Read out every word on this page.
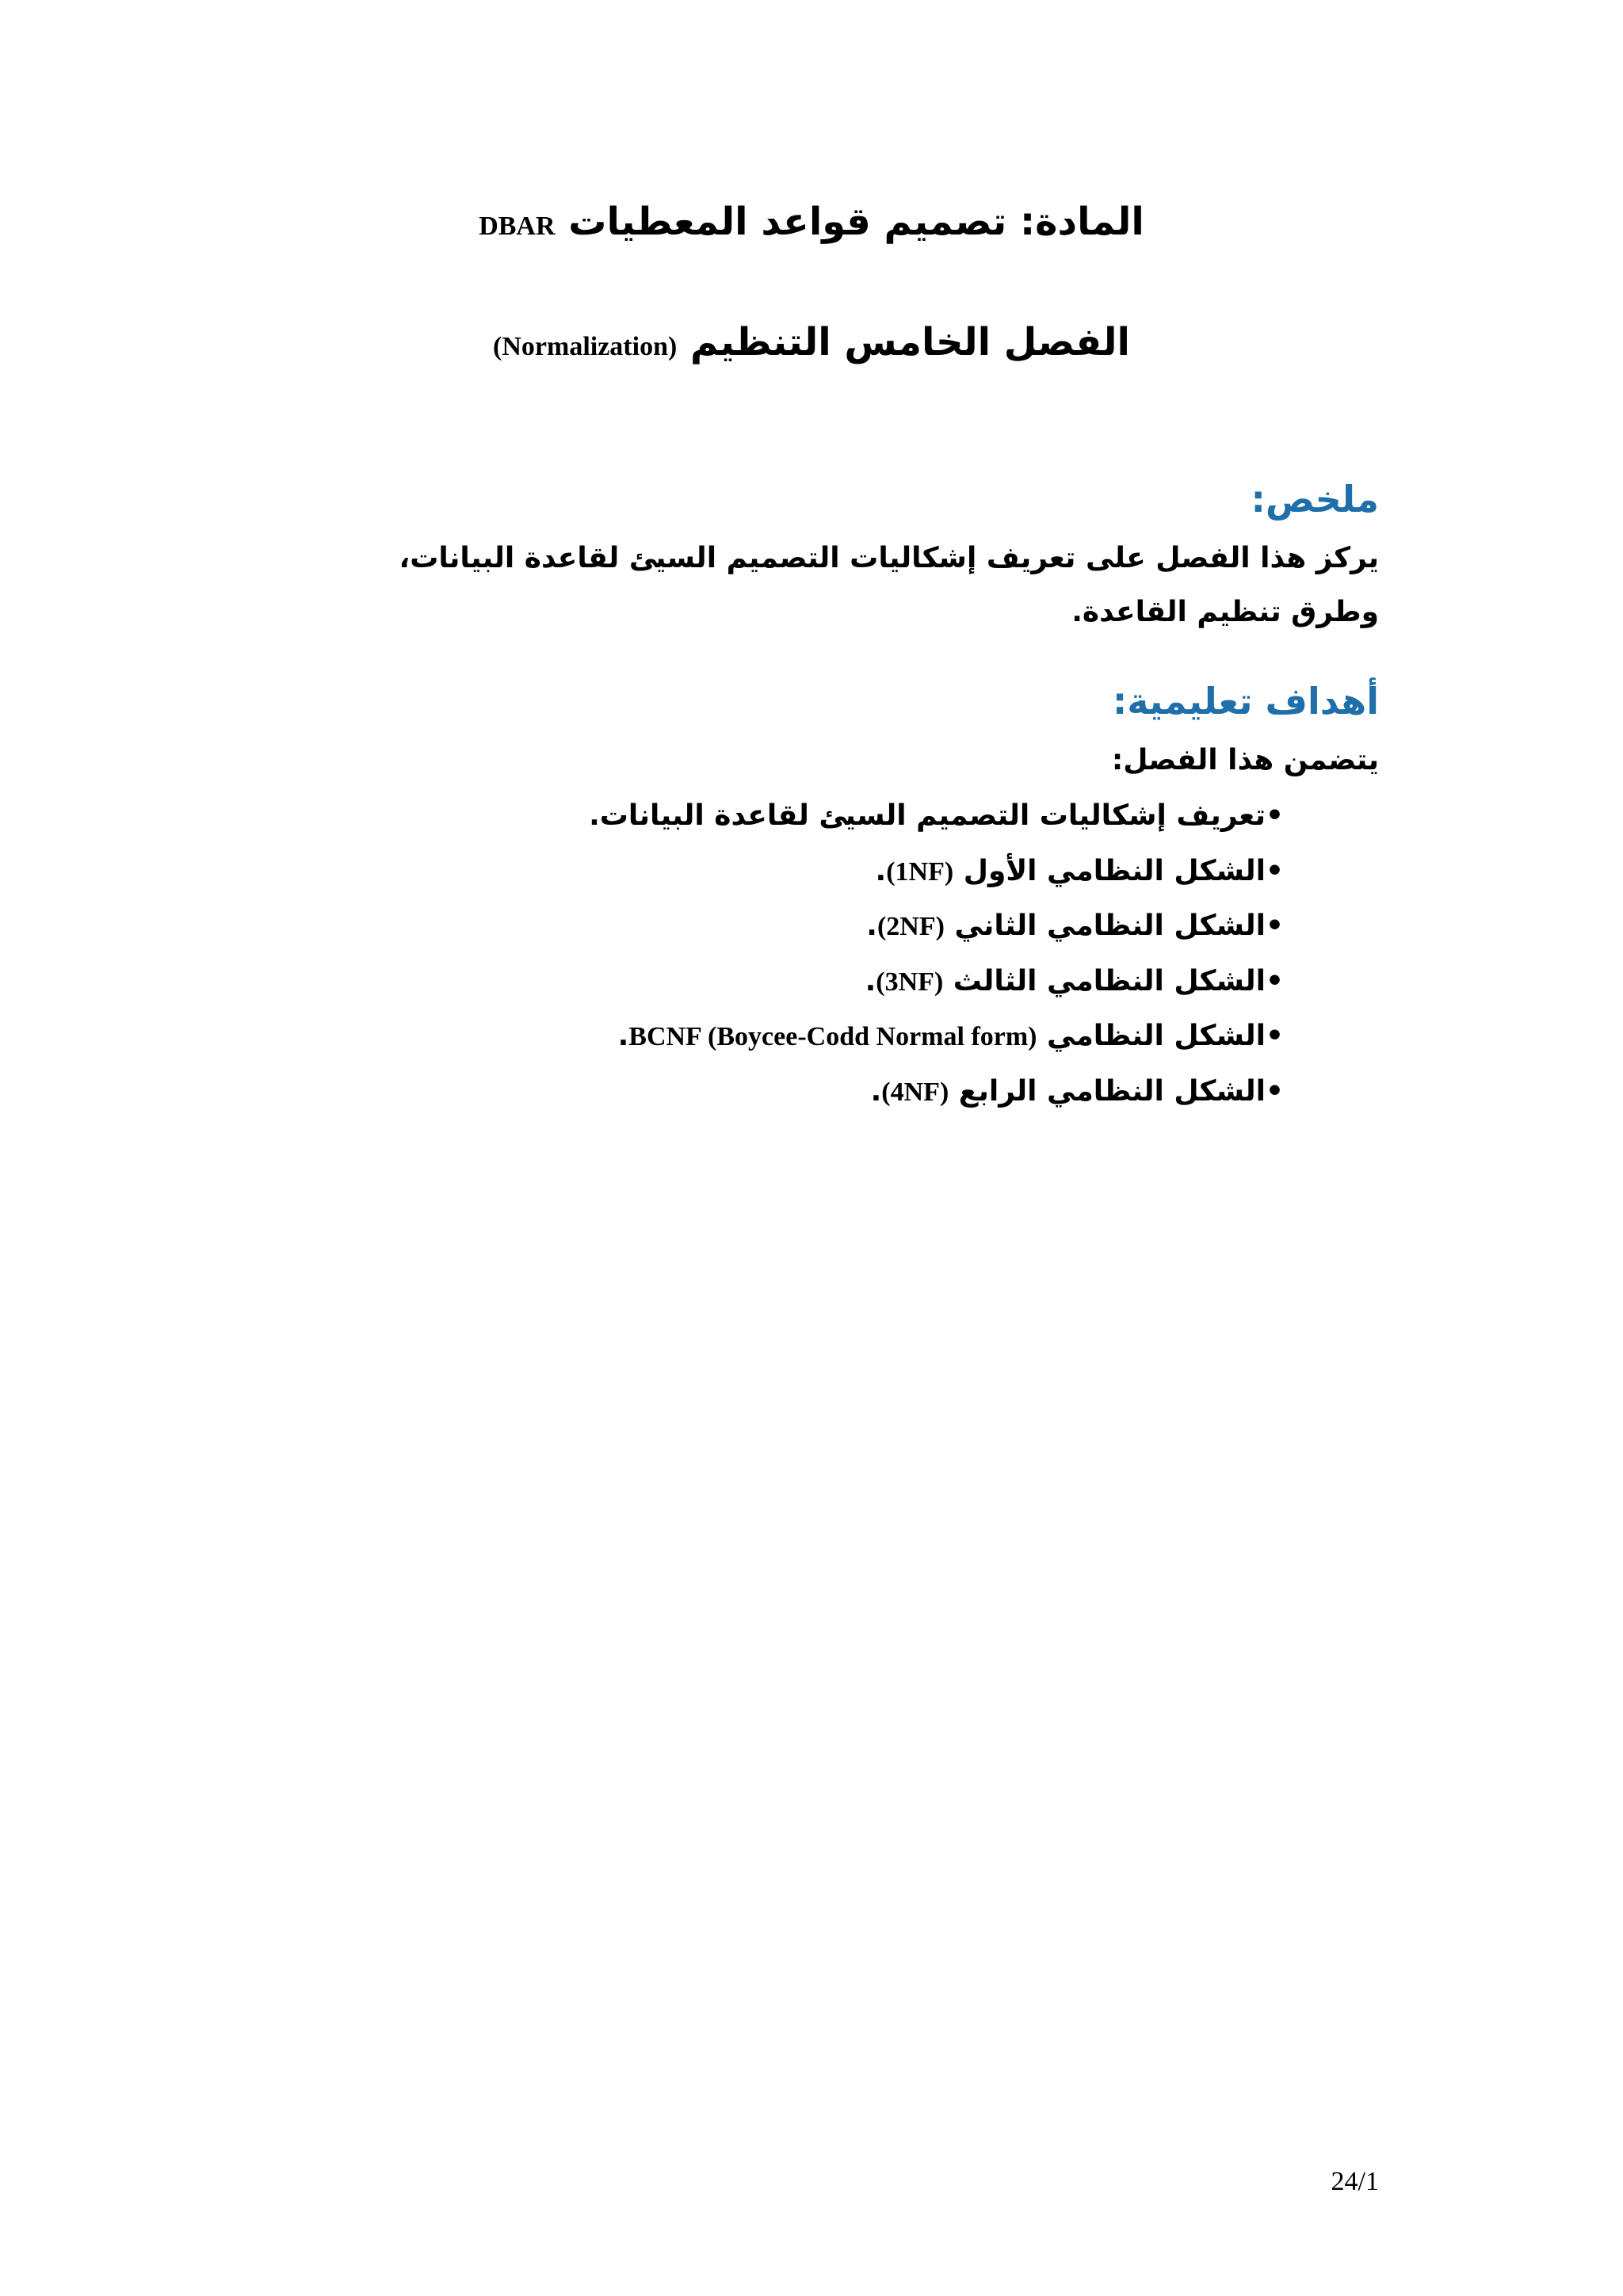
المادة: تصميم قواعد المعطيات DBAR
الفصل الخامس التنظيم (Normalization)
ملخص:
يركز هذا الفصل على تعريف إشكاليات التصميم السيئ لقاعدة البيانات،
وطرق تنظيم القاعدة.
أهداف تعليمية:
يتضمن هذا الفصل:
•تعريف إشكاليات التصميم السيئ لقاعدة البيانات.
•الشكل النظامي الأول (1NF).
•الشكل النظامي الثاني (2NF).
•الشكل النظامي الثالث (3NF).
•الشكل النظامي BCNF (Boycee-Codd Normal form).
•الشكل النظامي الرابع (4NF).
24/1
